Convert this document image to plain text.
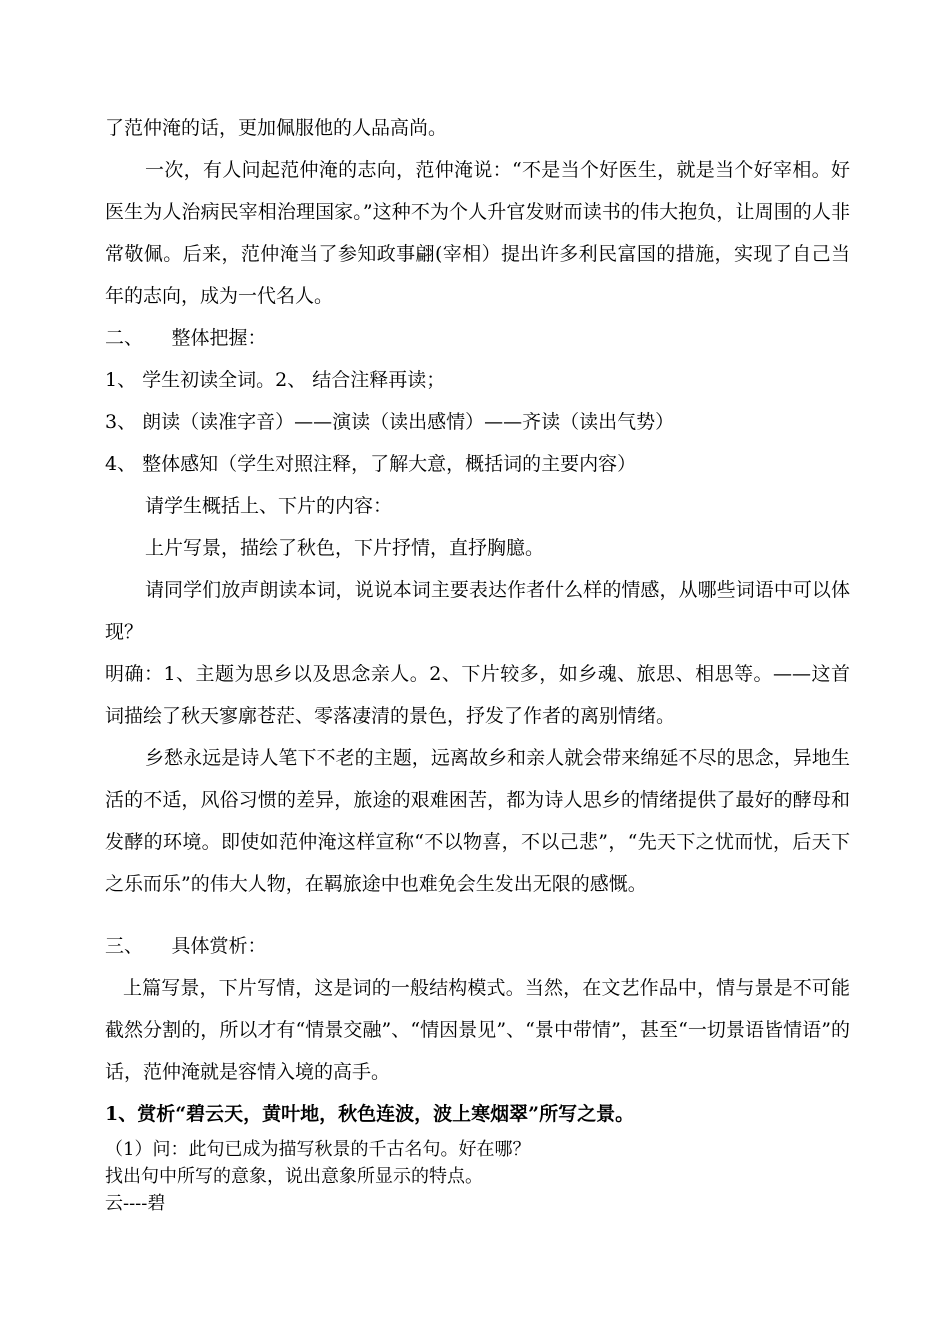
了范仲淹的话，更加佩服他的人品高尚。

一次，有人问起范仲淹的志向，范仲淹说：“不是当个好医生，就是当个好宰相。好医生为人治病民宰相治理国家。”这种不为个人升官发财而读书的伟大抱负，让周围的人非常敬佩。后来，范仲淹当了参知政事翩(宰相）提出许多利民富国的措施，实现了自己当年的志向，成为一代名人。

二、　　整体把握：

1、 学生初读全词。2、 结合注释再读；

3、 朗读（读准字音）——演读（读出感情）——齐读（读出气势）

4、 整体感知（学生对照注释，了解大意，概括词的主要内容）

请学生概括上、下片的内容：

上片写景，描绘了秋色，下片抒情，直抒胸臆。

请同学们放声朗读本词，说说本词主要表达作者什么样的情感，从哪些词语中可以体现？

明确：1、主题为思乡以及思念亲人。2、下片较多，如乡魂、旅思、相思等。——这首词描绘了秋天寥廓苍茫、零落凄清的景色，抒发了作者的离别情绪。

乡愁永远是诗人笔下不老的主题，远离故乡和亲人就会带来绵延不尽的思念，异地生活的不适，风俗习惯的差异，旅途的艰难困苦，都为诗人思乡的情绪提供了最好的酵母和发酵的环境。即使如范仲淹这样宣称“不以物喜，不以己悲”，“先天下之忧而忧，后天下之乐而乐”的伟大人物，在羁旅途中也难免会生发出无限的感慨。

三、　　具体赏析：

上篇写景，下片写情，这是词的一般结构模式。当然，在文艺作品中，情与景是不可能截然分割的，所以才有“情景交融”、“情因景见”、“景中带情”，甚至“一切景语皆情语”的话，范仲淹就是容情入境的高手。

1、赏析“碧云天，黄叶地，秋色连波，波上寒烟翠”所写之景。

（1）问：此句已成为描写秋景的千古名句。好在哪？

找出句中所写的意象，说出意象所显示的特点。

云----碧
